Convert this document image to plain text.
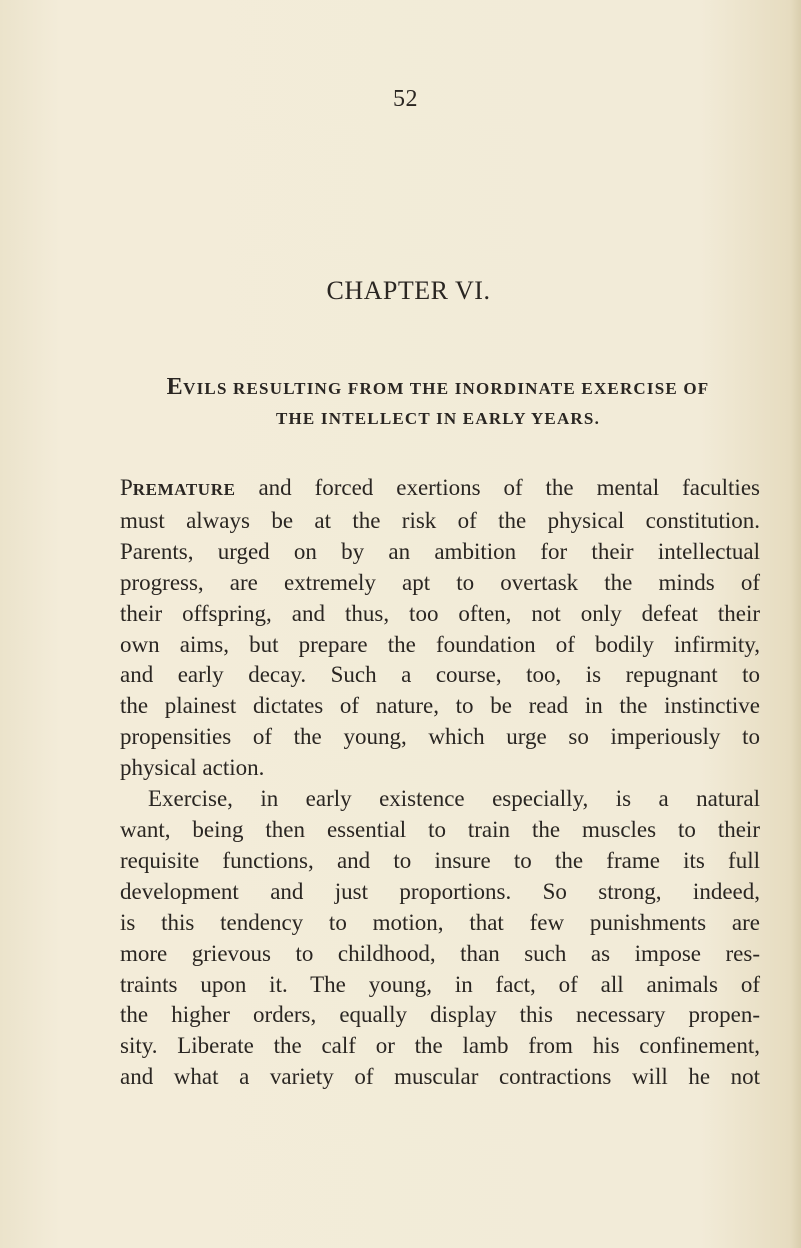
52
CHAPTER VI.
EVILS RESULTING FROM THE INORDINATE EXERCISE OF
THE INTELLECT IN EARLY YEARS.
PREMATURE and forced exertions of the mental faculties
must always be at the risk of the physical constitution.
Parents, urged on by an ambition for their intellectual
progress, are extremely apt to overtask the minds of
their offspring, and thus, too often, not only defeat their
own aims, but prepare the foundation of bodily infirmity,
and early decay. Such a course, too, is repugnant to
the plainest dictates of nature, to be read in the instinctive
propensities of the young, which urge so imperiously to
physical action.
Exercise, in early existence especially, is a natural
want, being then essential to train the muscles to their
requisite functions, and to insure to the frame its full
development and just proportions. So strong, indeed,
is this tendency to motion, that few punishments are
more grievous to childhood, than such as impose res-
traints upon it. The young, in fact, of all animals of
the higher orders, equally display this necessary propen-
sity. Liberate the calf or the lamb from his confinement,
and what a variety of muscular contractions will he not
